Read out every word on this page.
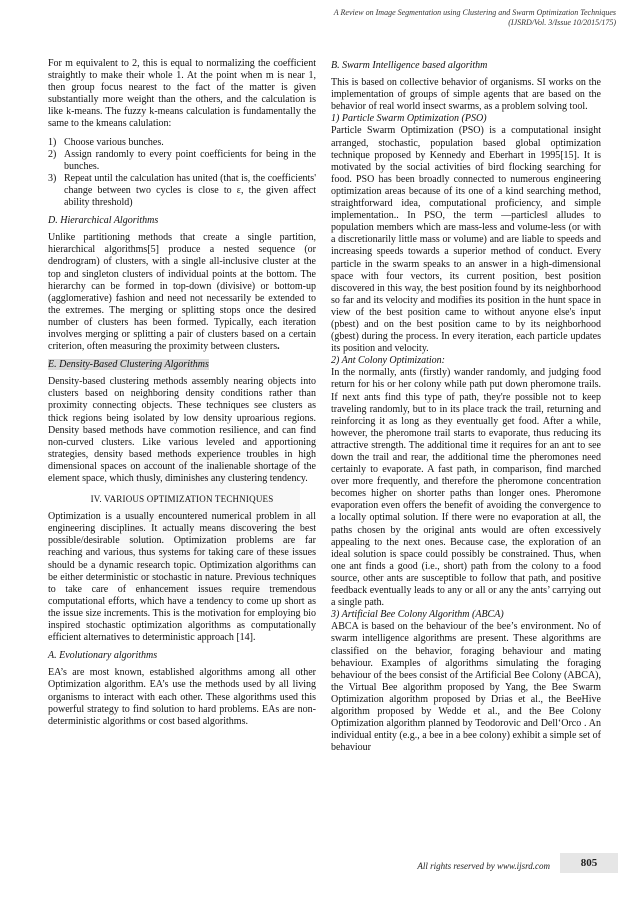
A Review on Image Segmentation using Clustering and Swarm Optimization Techniques
(IJSRD/Vol. 3/Issue 10/2015/175)

For m equivalent to 2, this is equal to normalizing the coefficient straightly to make their whole 1. At the point when m is near 1, then group focus nearest to the fact of the matter is given substantially more weight than the others, and the calculation is like k-means. The fuzzy k-means calculation is fundamentally the same to the kmeans calulation:

1) Choose various bunches.
2) Assign randomly to every point coefficients for being in the bunches.
3) Repeat until the calculation has united (that is, the coefficients' change between two cycles is close to ε, the given affect ability threshold)
D. Hierarchical Algorithms

Unlike partitioning methods that create a single partition, hierarchical algorithms[5] produce a nested sequence (or dendrogram) of clusters, with a single all-inclusive cluster at the top and singleton clusters of individual points at the bottom. The hierarchy can be formed in top-down (divisive) or bottom-up (agglomerative) fashion and need not necessarily be extended to the extremes. The merging or splitting stops once the desired number of clusters has been formed. Typically, each iteration involves merging or splitting a pair of clusters based on a certain criterion, often measuring the proximity between clusters.

E. Density-Based Clustering Algorithms

Density-based clustering methods assembly nearing objects into clusters based on neighboring density conditions rather than proximity connecting objects. These techniques see clusters as thick regions being isolated by low density uproarious regions. Density based methods have commotion resilience, and can find non-curved clusters. Like various leveled and apportioning strategies, density based methods experience troubles in high dimensional spaces on account of the inalienable shortage of the element space, which thusly, diminishes any clustering tendency.

IV. VARIOUS OPTIMIZATION TECHNIQUES

Optimization is a usually encountered numerical problem in all engineering disciplines. It actually means discovering the best possible/desirable solution. Optimization problems are far reaching and various, thus systems for taking care of these issues should be a dynamic research topic. Optimization algorithms can be either deterministic or stochastic in nature. Previous techniques to take care of enhancement issues require tremendous computational efforts, which have a tendency to come up short as the issue size increments. This is the motivation for employing bio inspired stochastic optimization algorithms as computationally efficient alternatives to deterministic approach [14].

A. Evolutionary algorithms

EA’s are most known, established algorithms among all other Optimization algorithm. EA’s use the methods used by all living organisms to interact with each other. These algorithms used this powerful strategy to find solution to hard problems. EAs are non-deterministic algorithms or cost based algorithms.

B. Swarm Intelligence based algorithm

This is based on collective behavior of organisms. SI works on the implementation of groups of simple agents that are based on the behavior of real world insect swarms, as a problem solving tool.

1) Particle Swarm Optimization (PSO)

Particle Swarm Optimization (PSO) is a computational insight arranged, stochastic, population based global optimization technique proposed by Kennedy and Eberhart in 1995[15]. It is motivated by the social activities of bird flocking searching for food. PSO has been broadly connected to numerous engineering optimization areas because of its one of a kind searching method, straightforward idea, computational proficiency, and simple implementation.. In PSO, the term ―particles‖ alludes to population members which are mass-less and volume-less (or with a discretionarily little mass or volume) and are liable to speeds and increasing speeds towards a superior method of conduct. Every particle in the swarm speaks to an answer in a high-dimensional space with four vectors, its current position, best position discovered in this way, the best position found by its neighborhood so far and its velocity and modifies its position in the hunt space in view of the best position came to without anyone else's input (pbest) and on the best position came to by its neighborhood (gbest) during the process. In every iteration, each particle updates its position and velocity.

2) Ant Colony Optimization:

In the normally, ants (firstly) wander randomly, and judging food return for his or her colony while path put down pheromone trails. If next ants find this type of path, they're possible not to keep traveling randomly, but to in its place track the trail, returning and reinforcing it as long as they eventually get food. After a while, however, the pheromone trail starts to evaporate, thus reducing its attractive strength. The additional time it requires for an ant to see down the trail and rear, the additional time the pheromones need certainly to evaporate. A fast path, in comparison, find marched over more frequently, and therefore the pheromone concentration becomes higher on shorter paths than longer ones. Pheromone evaporation even offers the benefit of avoiding the convergence to a locally optimal solution. If there were no evaporation at all, the paths chosen by the original ants would are often excessively appealing to the next ones. Because case, the exploration of an ideal solution is space could possibly be constrained. Thus, when one ant finds a good (i.e., short) path from the colony to a food source, other ants are susceptible to follow that path, and positive feedback eventually leads to any or all or any the ants’ carrying out a single path.

3) Artificial Bee Colony Algorithm (ABCA)

ABCA is based on the behaviour of the bee’s environment. No of swarm intelligence algorithms are present. These algorithms are classified on the behavior, foraging behaviour and mating behaviour. Examples of algorithms simulating the foraging behaviour of the bees consist of the Artificial Bee Colony (ABCA), the Virtual Bee algorithm proposed by Yang, the Bee Swarm Optimization algorithm proposed by Drias et al., the BeeHive algorithm proposed by Wedde et al., and the Bee Colony Optimization algorithm planned by Teodorovic and Dell‘Orco . An individual entity (e.g., a bee in a bee colony) exhibit a simple set of behaviour

All rights reserved by www.ijsrd.com	805
